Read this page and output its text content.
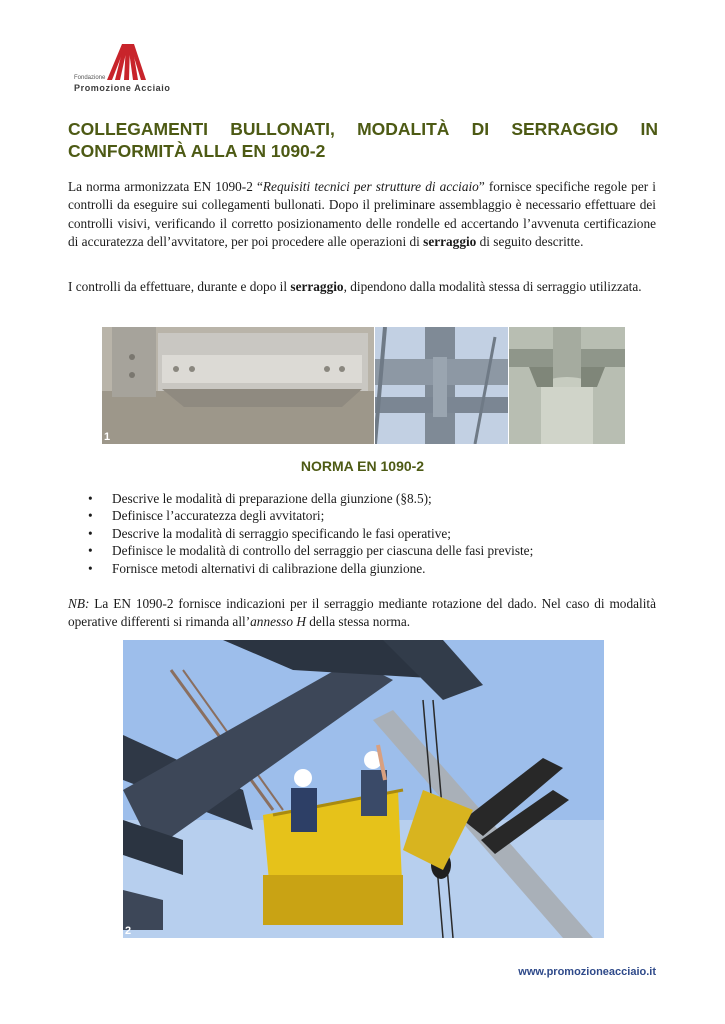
Fondazione
Promozione Acciaio
COLLEGAMENTI BULLONATI, MODALITÀ DI SERRAGGIO IN CONFORMITÀ ALLA EN 1090-2

La norma armonizzata EN 1090-2 “Requisiti tecnici per strutture di acciaio” fornisce specifiche regole per i controlli da eseguire sui collegamenti bullonati. Dopo il preliminare assemblaggio è necessario effettuare dei controlli visivi, verificando il corretto posizionamento delle rondelle ed accertando l’avvenuta certificazione di accuratezza dell’avvitatore, per poi procedere alle operazioni di serraggio di seguito descritte.

I controlli da effettuare, durante e dopo il serraggio, dipendono dalla modalità stessa di serraggio utilizzata.

1
NORMA EN 1090-2
• Descrive le modalità di preparazione della giunzione (§8.5);
• Definisce l’accuratezza degli avvitatori;
• Descrive la modalità di serraggio specificando le fasi operative;
• Definisce le modalità di controllo del serraggio per ciascuna delle fasi previste;
• Fornisce metodi alternativi di calibrazione della giunzione.

NB: La EN 1090-2 fornisce indicazioni per il serraggio mediante rotazione del dado. Nel caso di modalità operative differenti si rimanda all’annesso H della stessa norma.

2
www.promozioneacciaio.it
